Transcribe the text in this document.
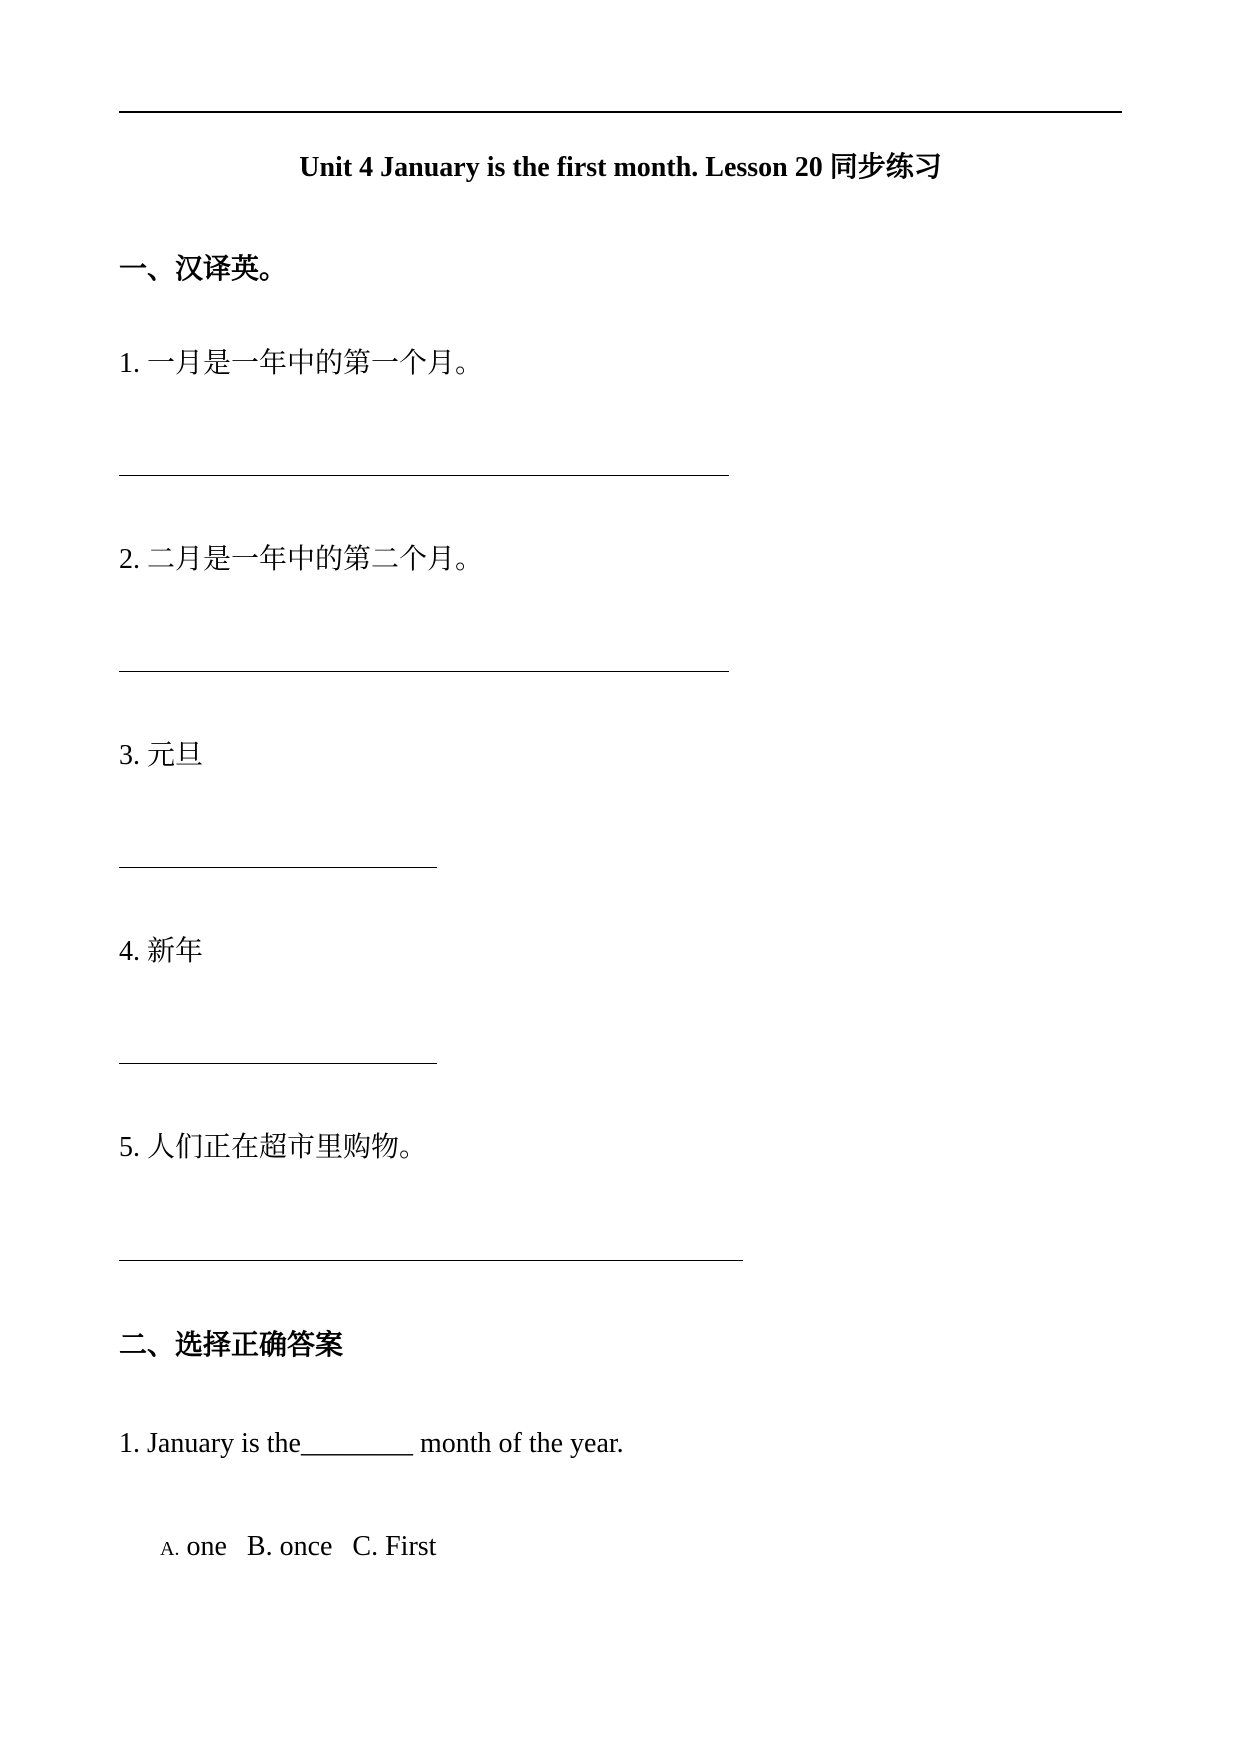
Unit 4 January is the first month. Lesson 20 同步练习
一、汉译英。
1. 一月是一年中的第一个月。
2. 二月是一年中的第二个月。
3. 元旦
4. 新年
5. 人们正在超市里购物。
二、选择正确答案
1. January is the________ month of the year.
A. one B. once C. First
